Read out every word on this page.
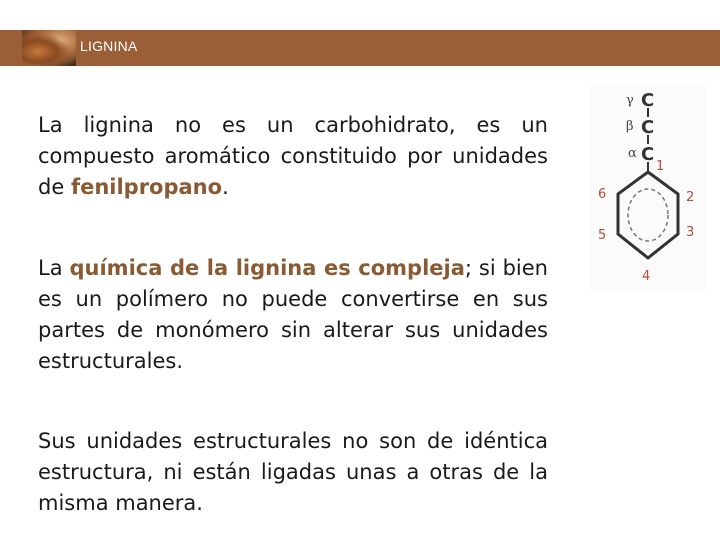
LIGNINA

La lignina no es un carbohidrato, es un compuesto aromático constituido por unidades de fenilpropano.

La química de la lignina es compleja; si bien es un polímero no puede convertirse en sus partes de monómero sin alterar sus unidades estructurales.

Sus unidades estructurales no son de idéntica estructura, ni están ligadas unas a otras de la misma manera.

γ C
β C
α C
1
2
3
4
5
6
